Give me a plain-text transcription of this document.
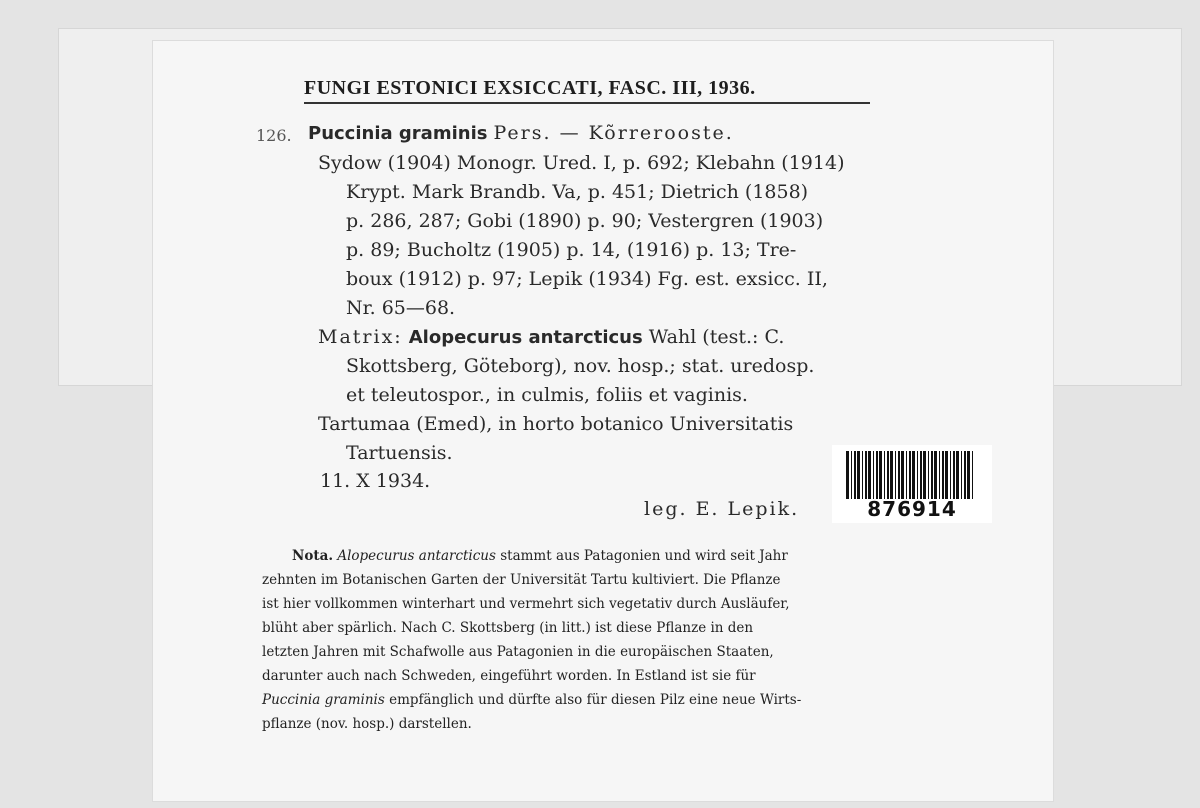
FUNGI ESTONICI EXSICCATI, FASC. III, 1936.
126. Puccinia graminis Pers. — Kõrrerooste.
Sydow (1904) Monogr. Ured. I, p. 692; Klebahn (1914)
Krypt. Mark Brandb. Va, p. 451; Dietrich (1858)
p. 286, 287; Gobi (1890) p. 90; Vestergren (1903)
p. 89; Bucholtz (1905) p. 14, (1916) p. 13; Tre-
boux (1912) p. 97; Lepik (1934) Fg. est. exsicc. II,
Nr. 65—68.
Matrix: Alopecurus antarcticus Wahl (test.: C.
Skottsberg, Göteborg), nov. hosp.; stat. uredosp.
et teleutospor., in culmis, foliis et vaginis.
Tartumaa (Emed), in horto botanico Universitatis
Tartuensis.
11. X 1934.
leg. E. Lepik.	876914
Nota. Alopecurus antarcticus stammt aus Patagonien und wird seit Jahr
zehnten im Botanischen Garten der Universität Tartu kultiviert. Die Pflanze
ist hier vollkommen winterhart und vermehrt sich vegetativ durch Ausläufer,
blüht aber spärlich. Nach C. Skottsberg (in litt.) ist diese Pflanze in den
letzten Jahren mit Schafwolle aus Patagonien in die europäischen Staaten,
darunter auch nach Schweden, eingeführt worden. In Estland ist sie für
Puccinia graminis empfänglich und dürfte also für diesen Pilz eine neue Wirts-
pflanze (nov. hosp.) darstellen.
